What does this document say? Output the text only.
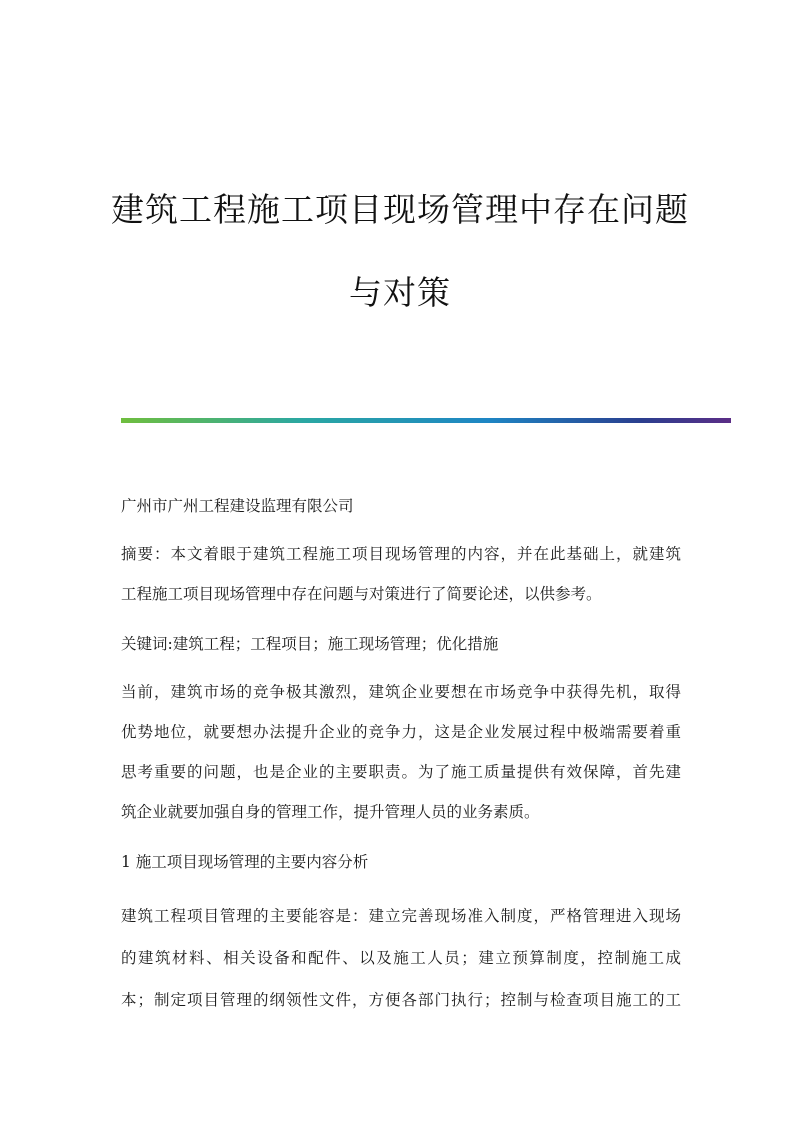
建筑工程施工项目现场管理中存在问题
与对策

广州市广州工程建设监理有限公司

摘要：本文着眼于建筑工程施工项目现场管理的内容，并在此基础上，就建筑
工程施工项目现场管理中存在问题与对策进行了简要论述，以供参考。

关键词:建筑工程；工程项目；施工现场管理；优化措施

当前，建筑市场的竞争极其激烈，建筑企业要想在市场竞争中获得先机，取得
优势地位，就要想办法提升企业的竞争力，这是企业发展过程中极端需要着重
思考重要的问题，也是企业的主要职责。为了施工质量提供有效保障，首先建
筑企业就要加强自身的管理工作，提升管理人员的业务素质。

1 施工项目现场管理的主要内容分析

建筑工程项目管理的主要能容是：建立完善现场准入制度，严格管理进入现场
的建筑材料、相关设备和配件、以及施工人员；建立预算制度，控制施工成
本；制定项目管理的纲领性文件，方便各部门执行；控制与检查项目施工的工
